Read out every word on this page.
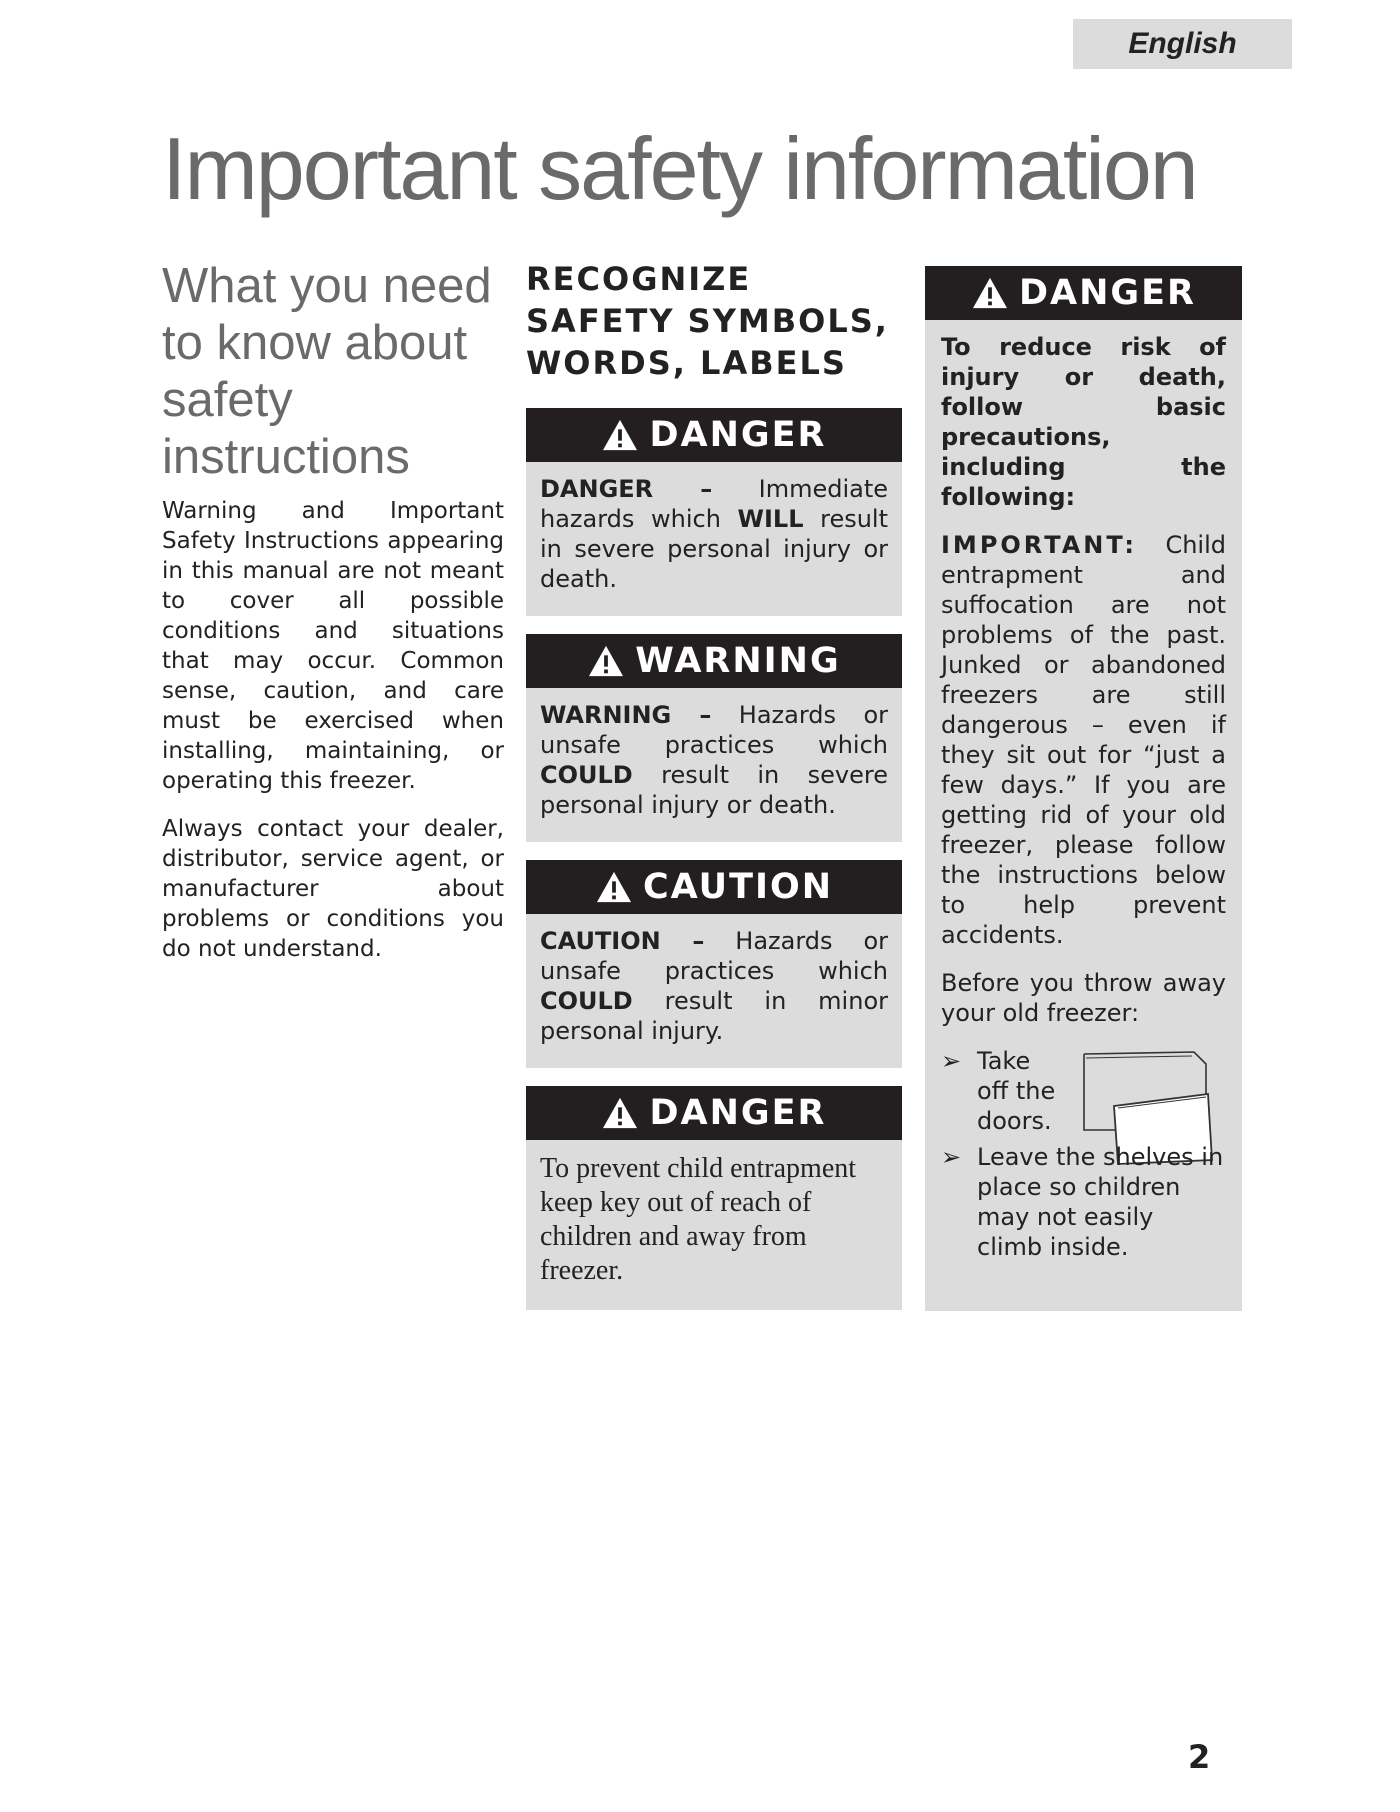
English
Important safety information
What you need to know about safety instructions

Warning and Important Safety Instructions appearing in this manual are not meant to cover all possible conditions and situations that may occur. Common sense, caution, and care must be exercised when installing, maintaining, or operating this freezer.

Always contact your dealer, distributor, service agent, or manufacturer about problems or conditions you do not understand.

RECOGNIZE SAFETY SYMBOLS, WORDS, LABELS
DANGER
DANGER – Immediate hazards which WILL result in severe personal injury or death.
WARNING
WARNING – Hazards or unsafe practices which COULD result in severe personal injury or death.
CAUTION
CAUTION – Hazards or unsafe practices which COULD result in minor personal injury.
DANGER
To prevent child entrapment keep key out of reach of children and away from freezer.
DANGER

To reduce risk of injury or death, follow basic precautions, including the following:

IMPORTANT: Child entrapment and suffocation are not problems of the past. Junked or abandoned freezers are still dangerous – even if they sit out for “just a few days.” If you are getting rid of your old freezer, please follow the instructions below to help prevent accidents.

Before you throw away your old freezer:

➢ Take off the doors.
➢ Leave the shelves in place so children may not easily climb inside.
2
